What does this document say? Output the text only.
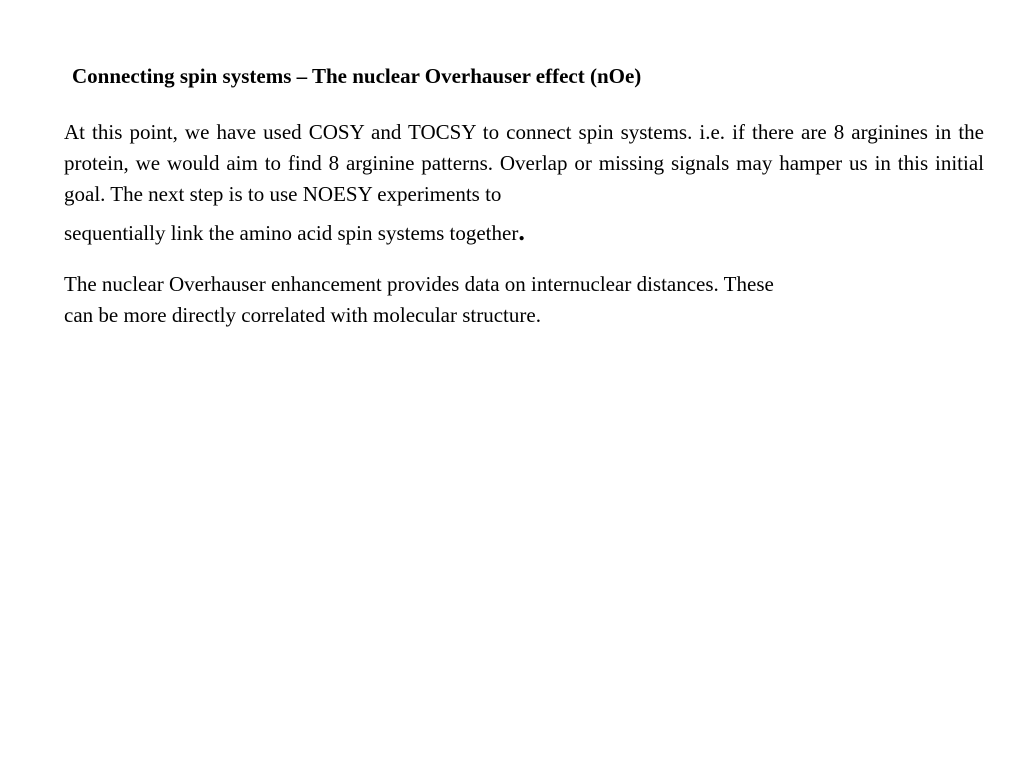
Connecting spin systems – The nuclear Overhauser effect (nOe)

At this point, we have used COSY and TOCSY to connect spin systems. i.e. if there are 8 arginines in the protein, we would aim to find 8 arginine patterns. Overlap or missing signals may hamper us in this initial goal. The next step is to use NOESY experiments to
sequentially link the amino acid spin systems together.

The nuclear Overhauser enhancement provides data on internuclear distances. These
can be more directly correlated with molecular structure.
